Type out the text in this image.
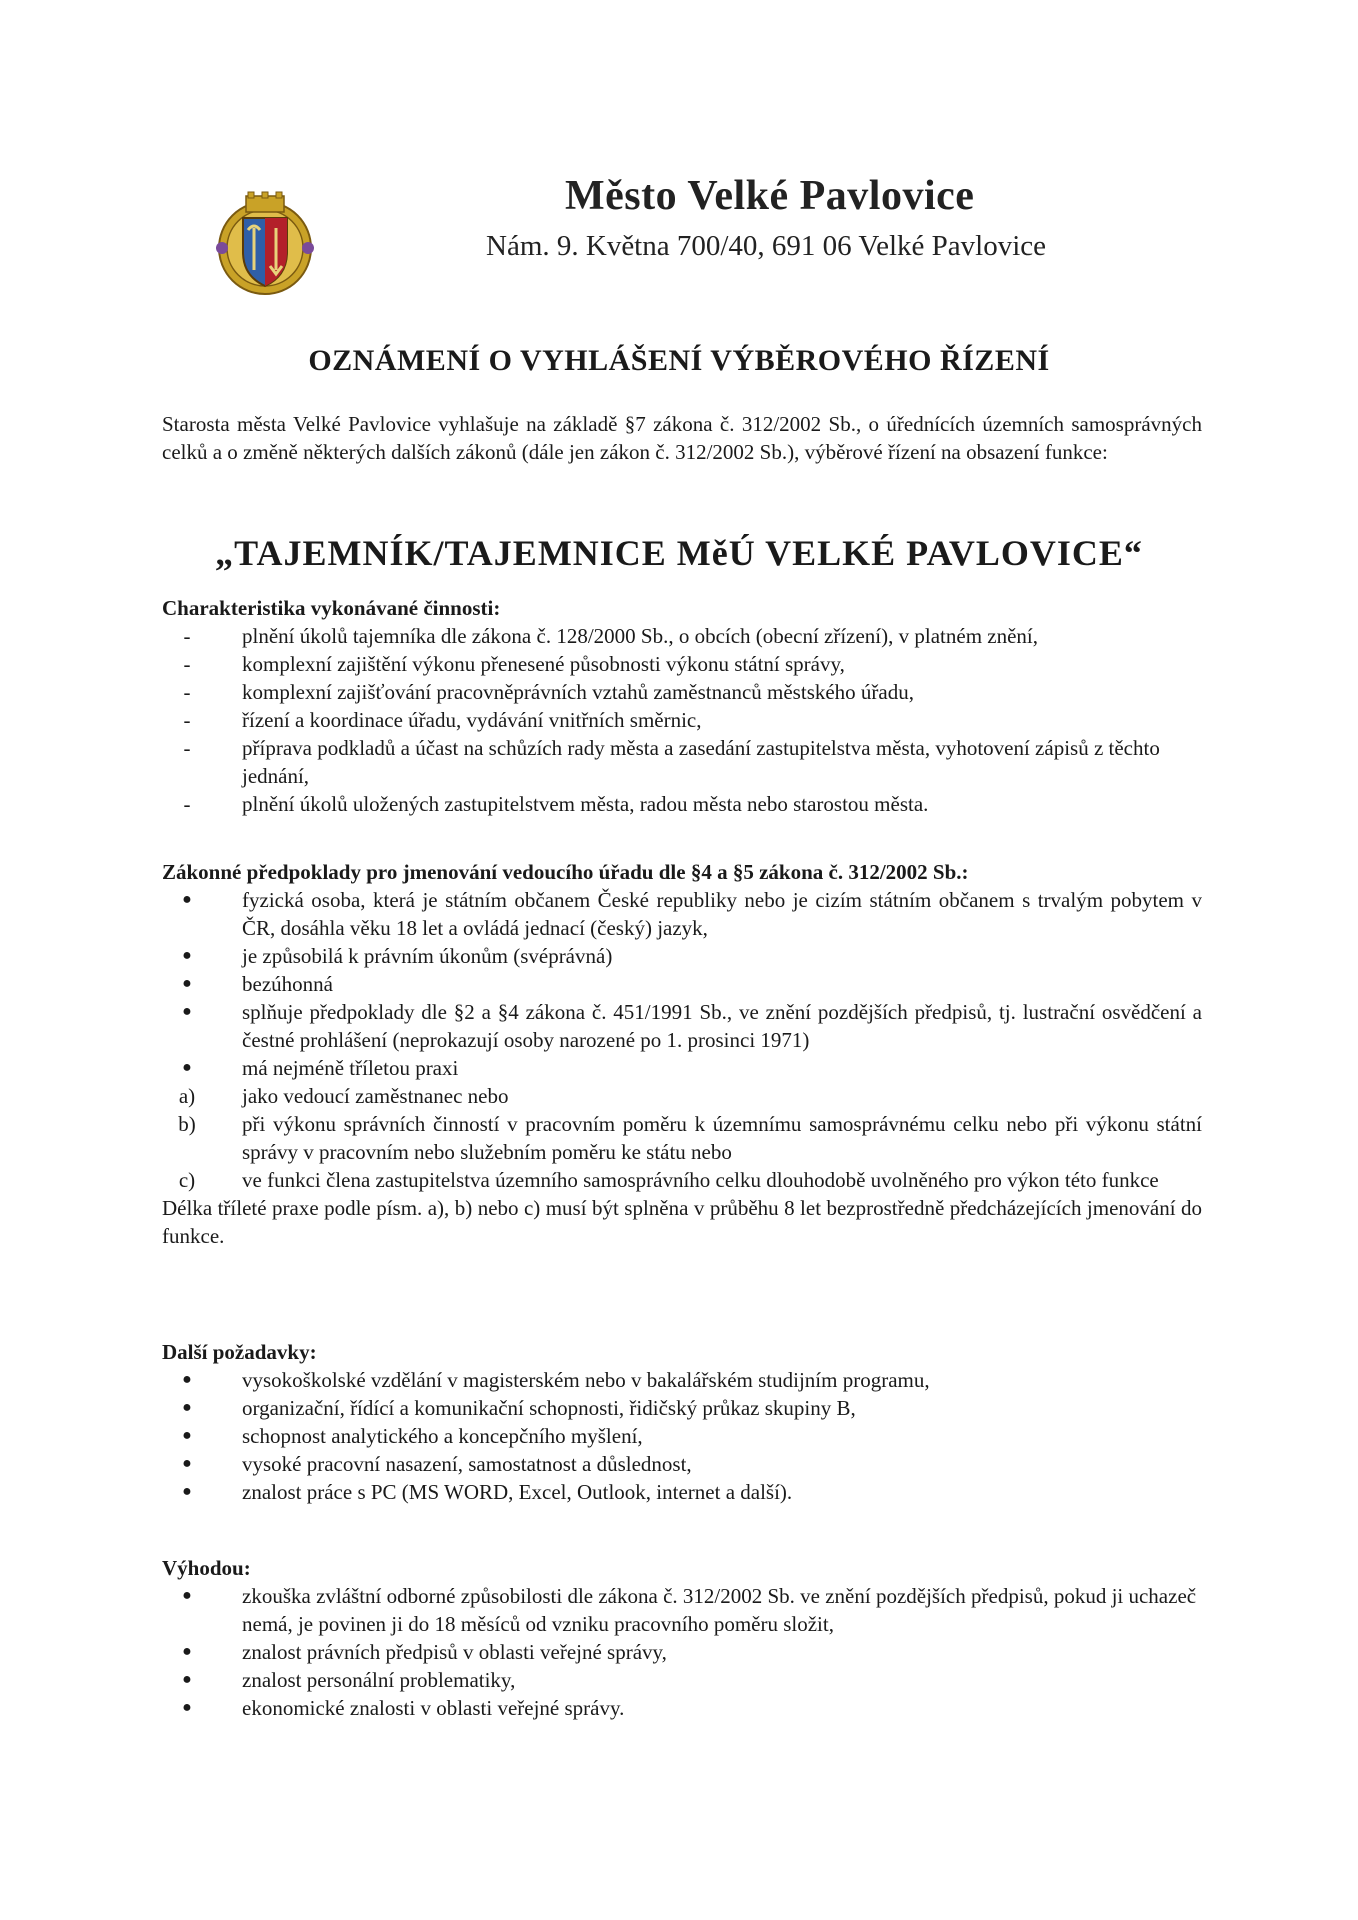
Město Velké Pavlovice
Nám. 9. Května 700/40, 691 06 Velké Pavlovice
OZNÁMENÍ O VYHLÁŠENÍ VÝBĚROVÉHO ŘÍZENÍ
Starosta města Velké Pavlovice vyhlašuje na základě §7 zákona č. 312/2002 Sb., o úřednících územních samosprávných celků a o změně některých dalších zákonů (dále jen zákon č. 312/2002 Sb.), výběrové řízení na obsazení funkce:
„TAJEMNÍK/TAJEMNICE MěÚ VELKÉ PAVLOVICE“
Charakteristika vykonávané činnosti:
-	plnění úkolů tajemníka dle zákona č. 128/2000 Sb., o obcích (obecní zřízení), v platném znění,
-	komplexní zajištění výkonu přenesené působnosti výkonu státní správy,
-	komplexní zajišťování pracovněprávních vztahů zaměstnanců městského úřadu,
-	řízení a koordinace úřadu, vydávání vnitřních směrnic,
-	příprava podkladů a účast na schůzích rady města a zasedání zastupitelstva města, vyhotovení zápisů z těchto jednání,
-	plnění úkolů uložených zastupitelstvem města, radou města nebo starostou města.
Zákonné předpoklady pro jmenování vedoucího úřadu dle §4 a §5 zákona č. 312/2002 Sb.:
●	fyzická osoba, která je státním občanem České republiky nebo je cizím státním občanem s trvalým pobytem v ČR, dosáhla věku 18 let a ovládá jednací (český) jazyk,
●	je způsobilá k právním úkonům (svéprávná)
●	bezúhonná
●	splňuje předpoklady dle §2 a §4 zákona č. 451/1991 Sb., ve znění pozdějších předpisů, tj. lustrační osvědčení a čestné prohlášení (neprokazují osoby narozené po 1. prosinci 1971)
●	má nejméně tříletou praxi
a)	jako vedoucí zaměstnanec nebo
b)	při výkonu správních činností v pracovním poměru k územnímu samosprávnému celku nebo při výkonu státní správy v pracovním nebo služebním poměru ke státu nebo
c)	ve funkci člena zastupitelstva územního samosprávního celku dlouhodobě uvolněného pro výkon této funkce
Délka tříleté praxe podle písm. a), b) nebo c) musí být splněna v průběhu 8 let bezprostředně předcházejících jmenování do funkce.
Další požadavky:
●	vysokoškolské vzdělání v magisterském nebo v bakalářském studijním programu,
●	organizační, řídící a komunikační schopnosti, řidičský průkaz skupiny B,
●	schopnost analytického a koncepčního myšlení,
●	vysoké pracovní nasazení, samostatnost a důslednost,
●	znalost práce s PC (MS WORD, Excel, Outlook, internet a další).
Výhodou:
●	zkouška zvláštní odborné způsobilosti dle zákona č. 312/2002 Sb. ve znění pozdějších předpisů, pokud ji uchazeč nemá, je povinen ji do 18 měsíců od vzniku pracovního poměru složit,
●	znalost právních předpisů v oblasti veřejné správy,
●	znalost personální problematiky,
●	ekonomické znalosti v oblasti veřejné správy.
